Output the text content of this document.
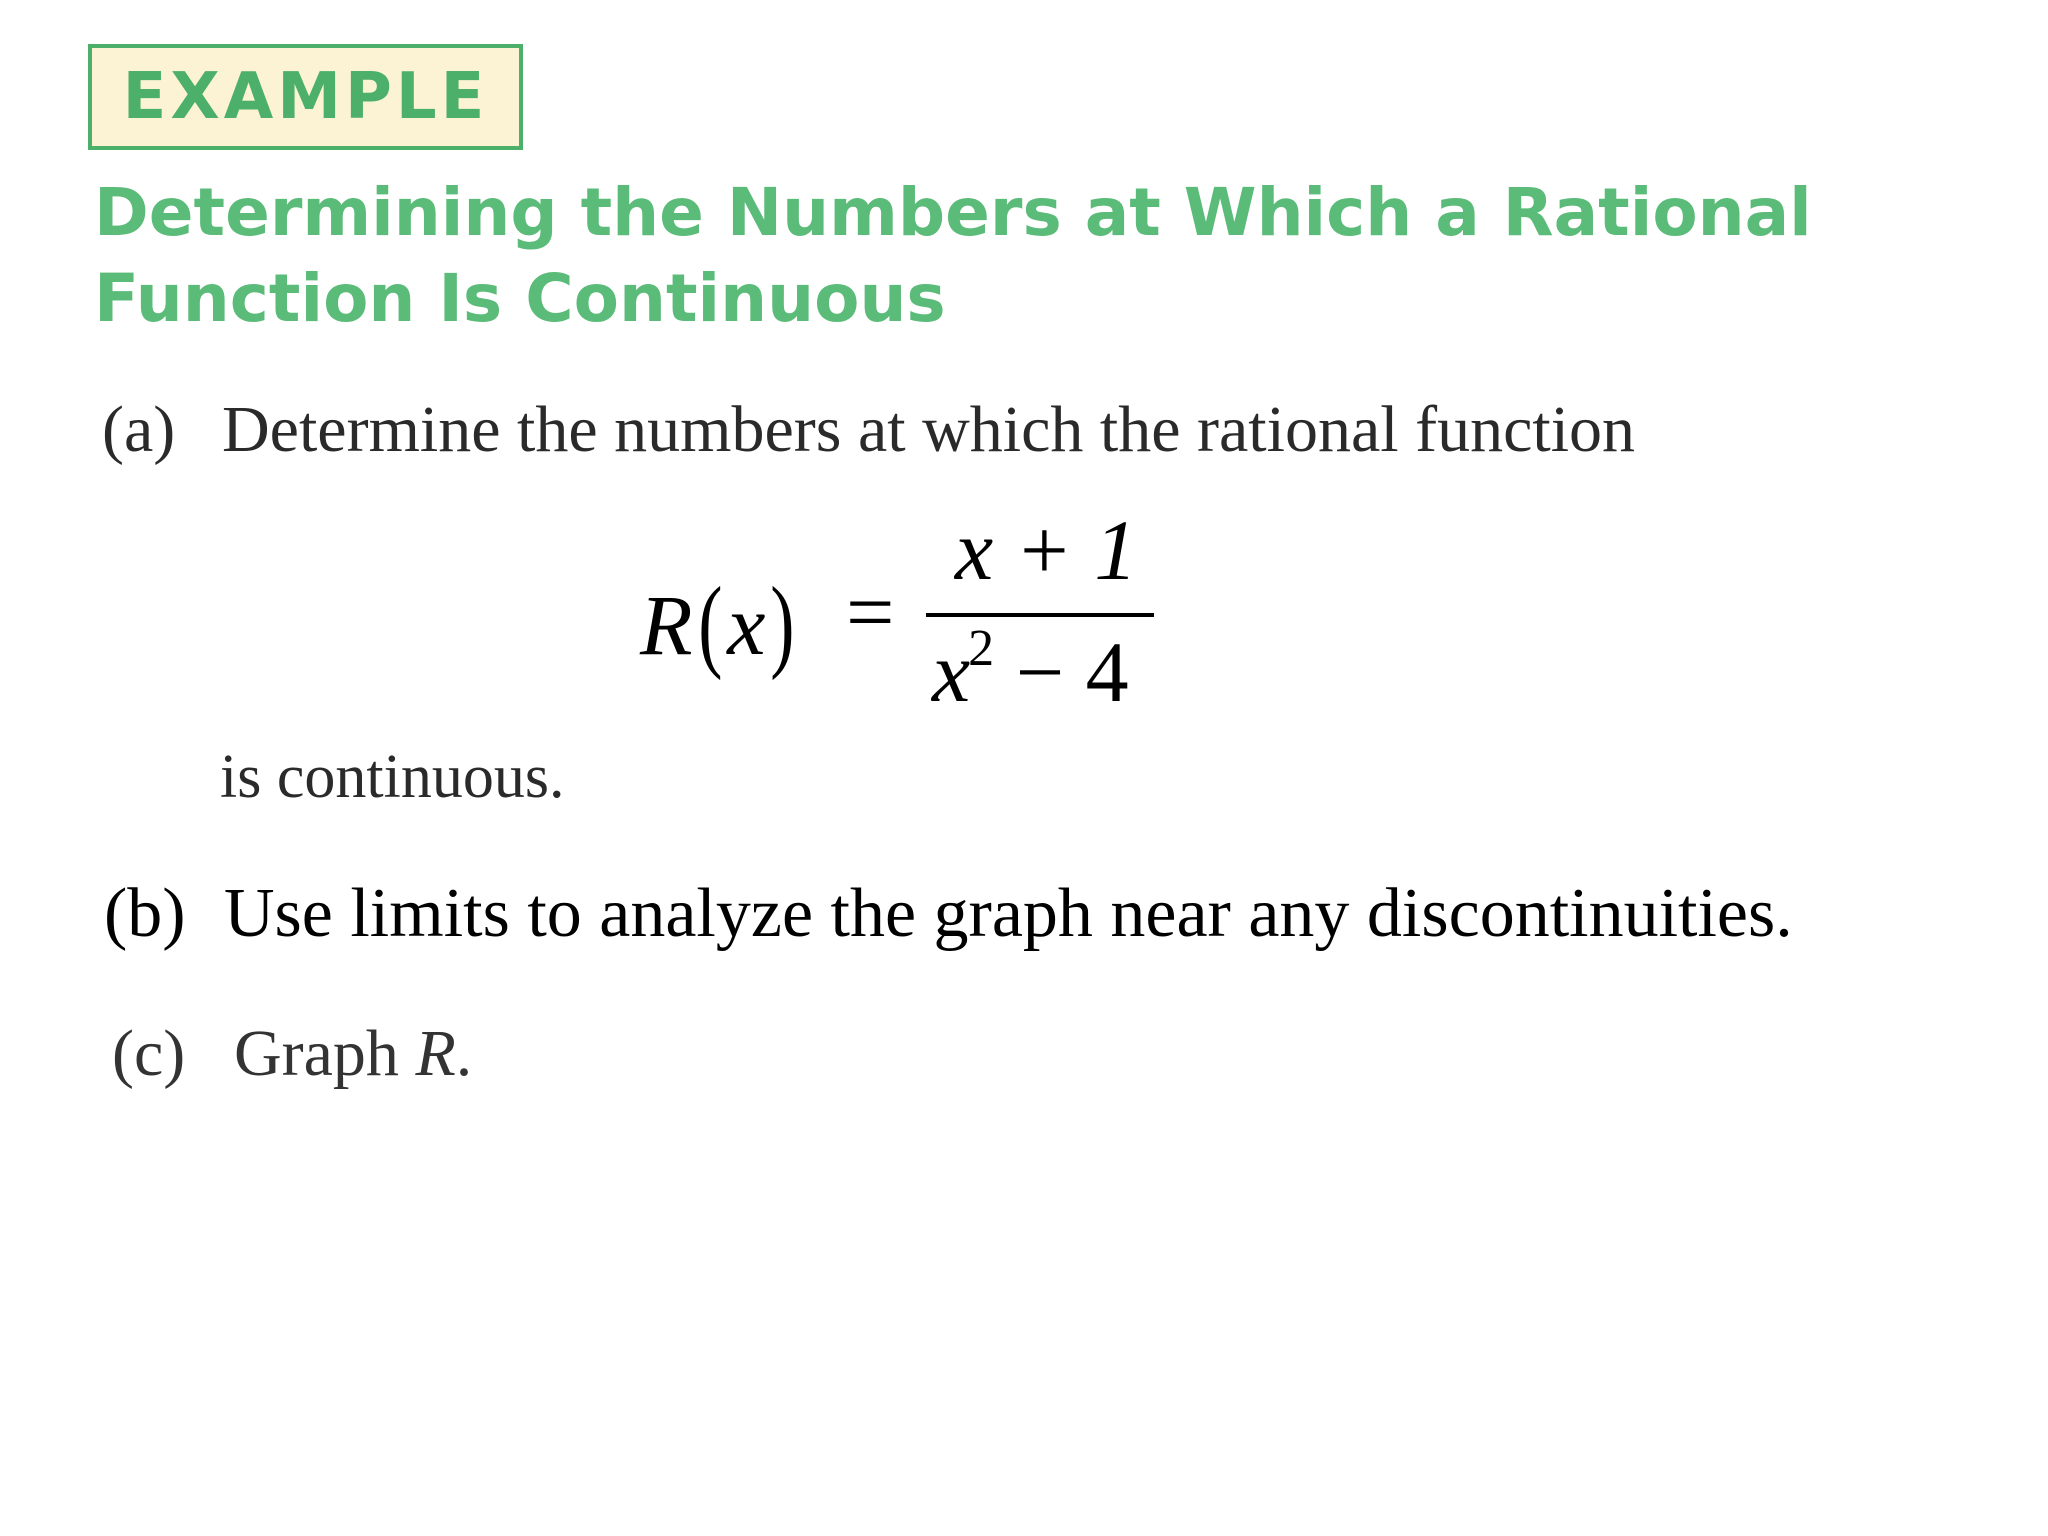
EXAMPLE
Determining the Numbers at Which a Rational
Function Is Continuous
(a) Determine the numbers at which the rational function

R(x) =
x + 1
$x^2 - 4$

is continuous.

(b) Use limits to analyze the graph near any discontinuities.

(c) Graph R.
